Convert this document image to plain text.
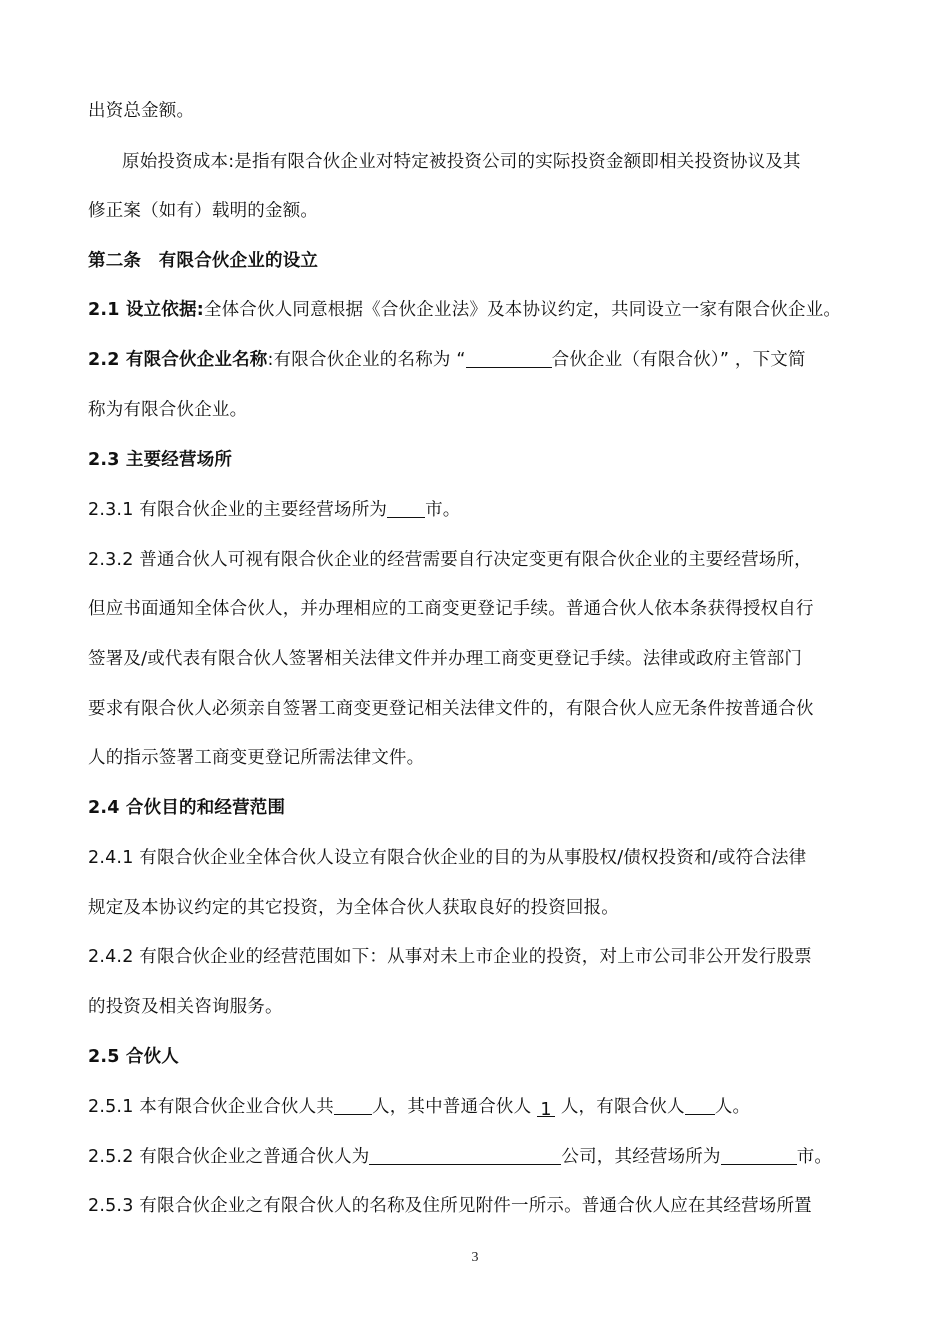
出资总金额。
原始投资成本:是指有限合伙企业对特定被投资公司的实际投资金额即相关投资协议及其
修正案（如有）载明的金额。
第二条　有限合伙企业的设立
2.1 设立依据:全体合伙人同意根据《合伙企业法》及本协议约定，共同设立一家有限合伙企业。
2.2 有限合伙企业名称:有限合伙企业的名称为 “	合伙企业（有限合伙）” ，下文简
称为有限合伙企业。
2.3 主要经营场所
2.3.1 有限合伙企业的主要经营场所为 市。
2.3.2 普通合伙人可视有限合伙企业的经营需要自行决定变更有限合伙企业的主要经营场所，
但应书面通知全体合伙人，并办理相应的工商变更登记手续。普通合伙人依本条获得授权自行
签署及/或代表有限合伙人签署相关法律文件并办理工商变更登记手续。法律或政府主管部门
要求有限合伙人必须亲自签署工商变更登记相关法律文件的，有限合伙人应无条件按普通合伙
人的指示签署工商变更登记所需法律文件。
2.4 合伙目的和经营范围
2.4.1 有限合伙企业全体合伙人设立有限合伙企业的目的为从事股权/债权投资和/或符合法律
规定及本协议约定的其它投资，为全体合伙人获取良好的投资回报。
2.4.2 有限合伙企业的经营范围如下：从事对未上市企业的投资，对上市公司非公开发行股票
的投资及相关咨询服务。
2.5 合伙人
2.5.1 本有限合伙企业合伙人共 人，其中普通合伙人 1 人，有限合伙人 人。
2.5.2 有限合伙企业之普通合伙人为	公司，其经营场所为	市。
2.5.3 有限合伙企业之有限合伙人的名称及住所见附件一所示。普通合伙人应在其经营场所置
3
